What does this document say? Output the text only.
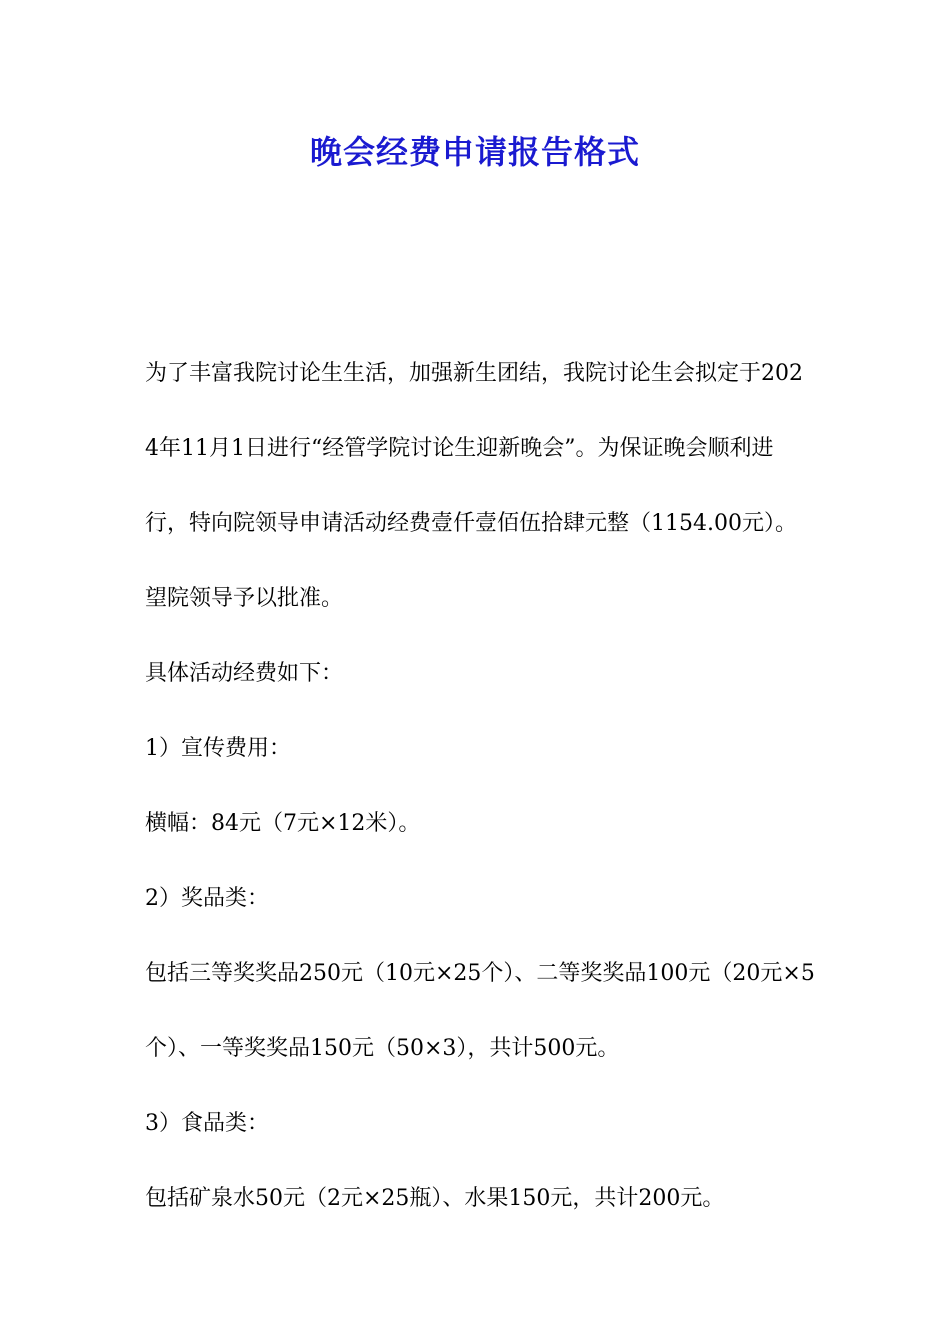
晚会经费申请报告格式

为了丰富我院讨论生生活，加强新生团结，我院讨论生会拟定于2024年11月1日进行“经管学院讨论生迎新晚会”。为保证晚会顺利进行，特向院领导申请活动经费壹仟壹佰伍拾肆元整（1154.00元）。望院领导予以批准。

具体活动经费如下：

1）宣传费用：

横幅：84元（7元×12米）。

2）奖品类：

包括三等奖奖品250元（10元×25个）、二等奖奖品100元（20元×5个）、一等奖奖品150元（50×3），共计500元。

3）食品类：

包括矿泉水50元（2元×25瓶）、水果150元，共计200元。
